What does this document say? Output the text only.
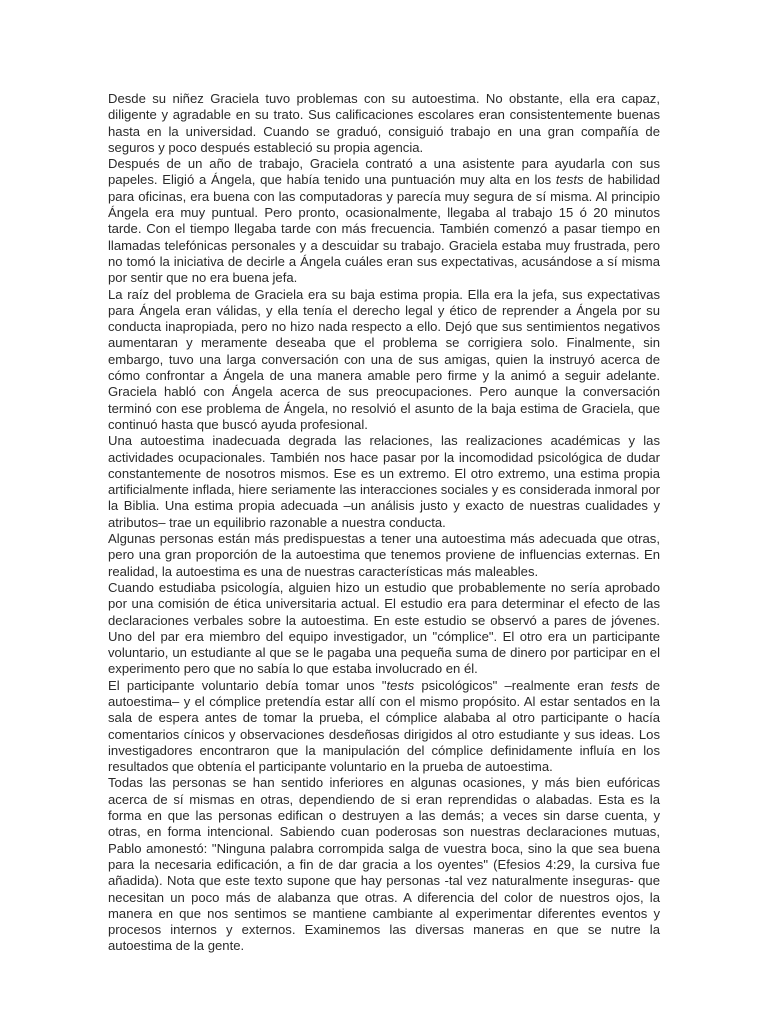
Desde su niñez Graciela tuvo problemas con su autoestima. No obstante, ella era capaz, diligente y agradable en su trato. Sus calificaciones escolares eran consistentemente buenas hasta en la universidad. Cuando se graduó, consiguió trabajo en una gran compañía de seguros y poco después estableció su propia agencia.

Después de un año de trabajo, Graciela contrató a una asistente para ayudarla con sus papeles. Eligió a Ángela, que había tenido una puntuación muy alta en los tests de habilidad para oficinas, era buena con las computadoras y parecía muy segura de sí misma. Al principio Ángela era muy puntual. Pero pronto, ocasionalmente, llegaba al trabajo 15 ó 20 minutos tarde. Con el tiempo llegaba tarde con más frecuencia. También comenzó a pasar tiempo en llamadas telefónicas personales y a descuidar su trabajo. Graciela estaba muy frustrada, pero no tomó la iniciativa de decirle a Ángela cuáles eran sus expectativas, acusándose a sí misma por sentir que no era buena jefa.

La raíz del problema de Graciela era su baja estima propia. Ella era la jefa, sus expectativas para Ángela eran válidas, y ella tenía el derecho legal y ético de reprender a Ángela por su conducta inapropiada, pero no hizo nada respecto a ello. Dejó que sus sentimientos negativos aumentaran y meramente deseaba que el problema se corrigiera solo. Finalmente, sin embargo, tuvo una larga conversación con una de sus amigas, quien la instruyó acerca de cómo confrontar a Ángela de una manera amable pero firme y la animó a seguir adelante. Graciela habló con Ángela acerca de sus preocupaciones. Pero aunque la conversación terminó con ese problema de Ángela, no resolvió el asunto de la baja estima de Graciela, que continuó hasta que buscó ayuda profesional.

Una autoestima inadecuada degrada las relaciones, las realizaciones académicas y las actividades ocupacionales. También nos hace pasar por la incomodidad psicológica de dudar constantemente de nosotros mismos. Ese es un extremo. El otro extremo, una estima propia artificialmente inflada, hiere seriamente las interacciones sociales y es considerada inmoral por la Biblia. Una estima propia adecuada –un análisis justo y exacto de nuestras cualidades y atributos– trae un equilibrio razonable a nuestra conducta.

Algunas personas están más predispuestas a tener una autoestima más adecuada que otras, pero una gran proporción de la autoestima que tenemos proviene de influencias externas. En realidad, la autoestima es una de nuestras características más maleables.

Cuando estudiaba psicología, alguien hizo un estudio que probablemente no sería aprobado por una comisión de ética universitaria actual. El estudio era para determinar el efecto de las declaraciones verbales sobre la autoestima. En este estudio se observó a pares de jóvenes. Uno del par era miembro del equipo investigador, un "cómplice". El otro era un participante voluntario, un estudiante al que se le pagaba una pequeña suma de dinero por participar en el experimento pero que no sabía lo que estaba involucrado en él.

El participante voluntario debía tomar unos "tests psicológicos" –realmente eran tests de autoestima– y el cómplice pretendía estar allí con el mismo propósito. Al estar sentados en la sala de espera antes de tomar la prueba, el cómplice alababa al otro participante o hacía comentarios cínicos y observaciones desdeñosas dirigidos al otro estudiante y sus ideas. Los investigadores encontraron que la manipulación del cómplice definidamente influía en los resultados que obtenía el participante voluntario en la prueba de autoestima.

Todas las personas se han sentido inferiores en algunas ocasiones, y más bien eufóricas acerca de sí mismas en otras, dependiendo de si eran reprendidas o alabadas. Esta es la forma en que las personas edifican o destruyen a las demás; a veces sin darse cuenta, y otras, en forma intencional. Sabiendo cuan poderosas son nuestras declaraciones mutuas, Pablo amonestó: "Ninguna palabra corrompida salga de vuestra boca, sino la que sea buena para la necesaria edificación, a fin de dar gracia a los oyentes" (Efesios 4:29, la cursiva fue añadida). Nota que este texto supone que hay personas -tal vez naturalmente inseguras- que necesitan un poco más de alabanza que otras. A diferencia del color de nuestros ojos, la manera en que nos sentimos se mantiene cambiante al experimentar diferentes eventos y procesos internos y externos. Examinemos las diversas maneras en que se nutre la autoestima de la gente.
